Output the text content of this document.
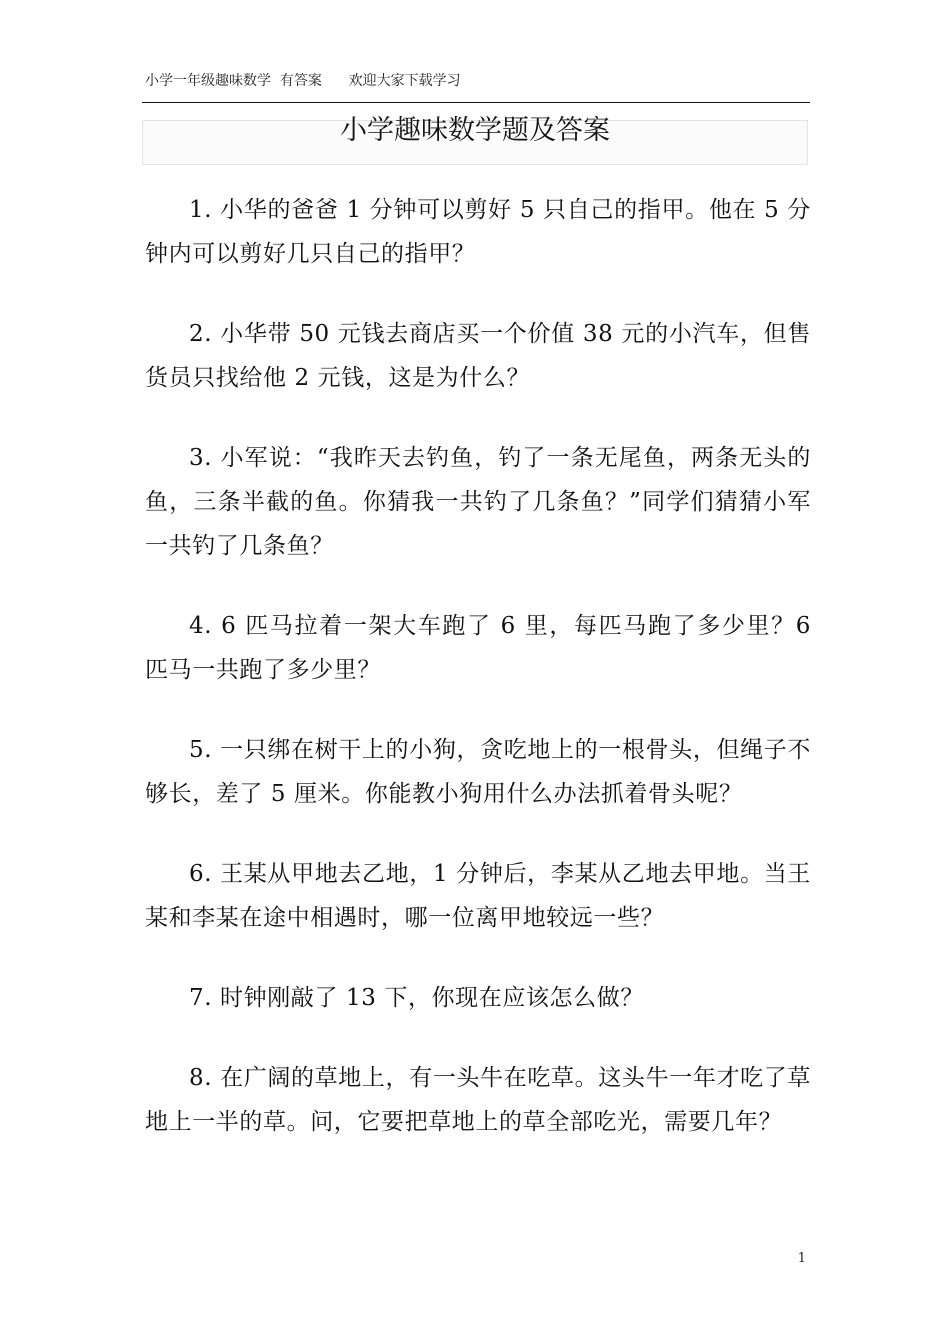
小学一年级趣味数学  有答案      欢迎大家下载学习
小学趣味数学题及答案

1. 小华的爸爸 1 分钟可以剪好 5 只自己的指甲。他在 5 分钟内可以剪好几只自己的指甲？

2. 小华带 50 元钱去商店买一个价值 38 元的小汽车，但售货员只找给他 2 元钱，这是为什么？

3. 小军说：“我昨天去钓鱼，钓了一条无尾鱼，两条无头的鱼，三条半截的鱼。你猜我一共钓了几条鱼？”同学们猜猜小军一共钓了几条鱼？

4. 6 匹马拉着一架大车跑了 6 里，每匹马跑了多少里？6 匹马一共跑了多少里？

5. 一只绑在树干上的小狗，贪吃地上的一根骨头，但绳子不够长，差了 5 厘米。你能教小狗用什么办法抓着骨头呢？

6. 王某从甲地去乙地，1 分钟后，李某从乙地去甲地。当王某和李某在途中相遇时，哪一位离甲地较远一些？

7. 时钟刚敲了 13 下，你现在应该怎么做？

8. 在广阔的草地上，有一头牛在吃草。这头牛一年才吃了草地上一半的草。问，它要把草地上的草全部吃光，需要几年？

1
